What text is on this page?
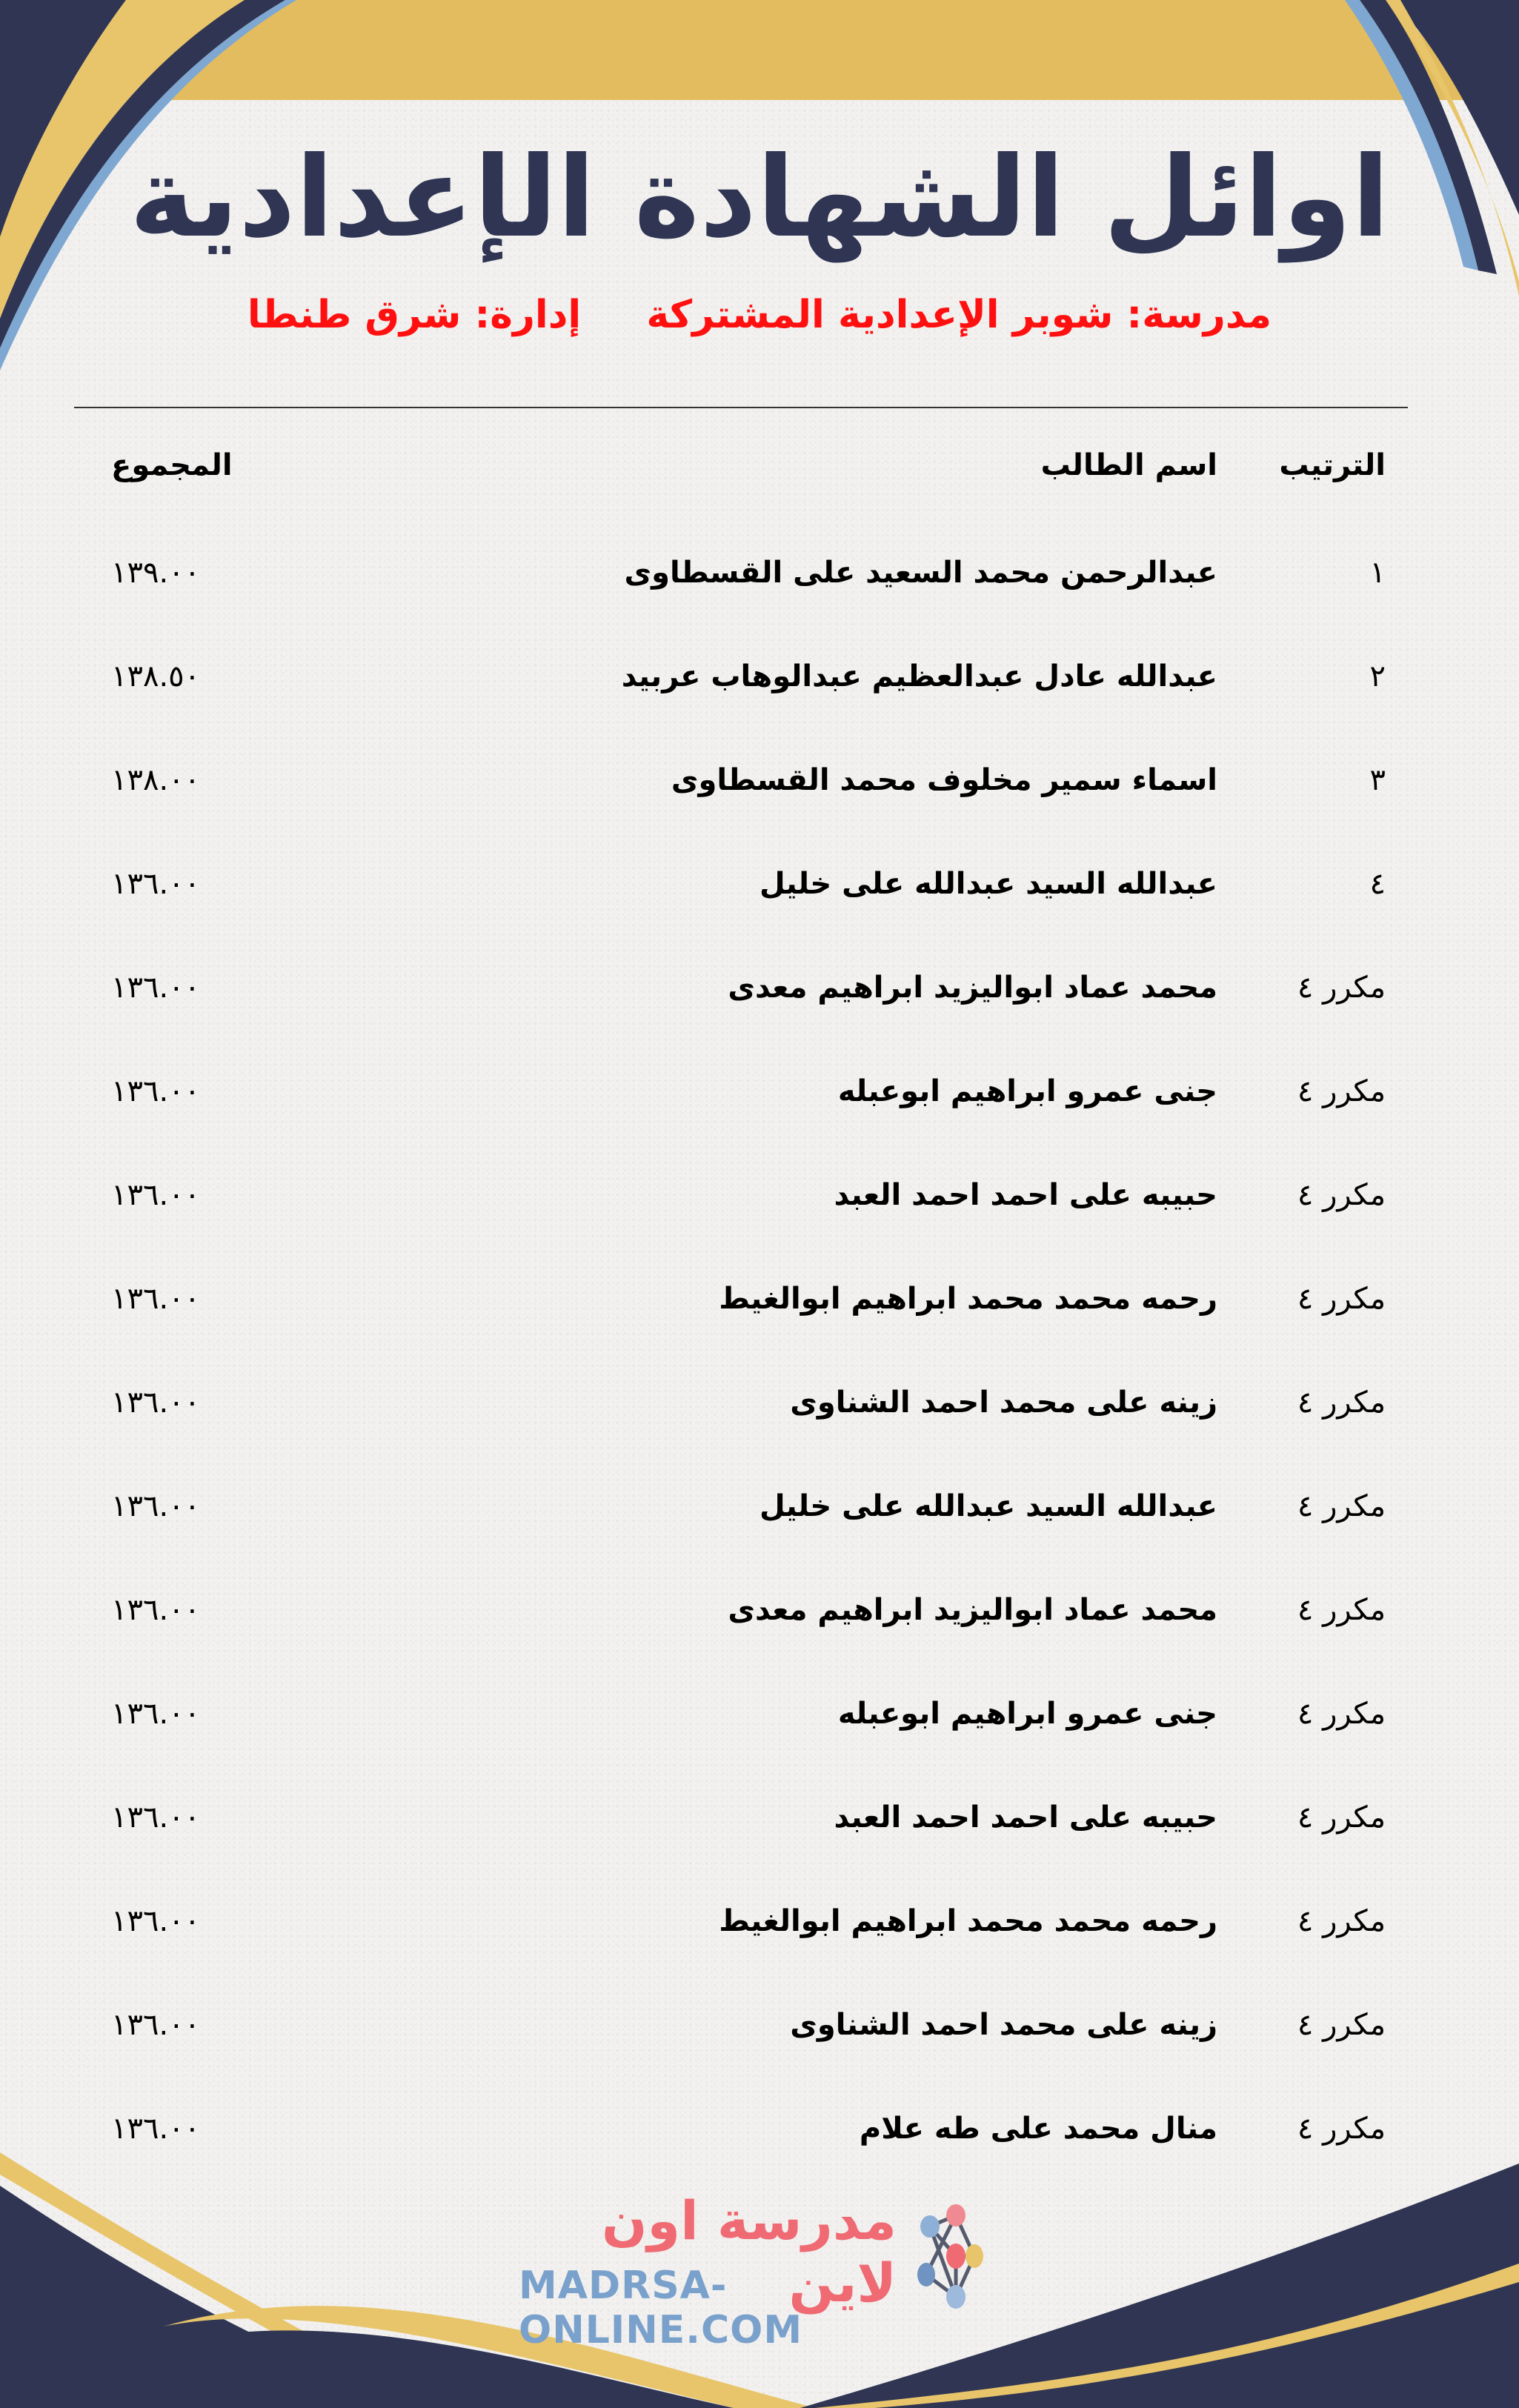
اوائل الشهادة الإعدادية
مدرسة: شوبر الإعدادية المشتركة إدارة: شرق طنطا
الترتيب
اسم الطالب
المجموع
١
عبدالرحمن محمد السعيد على القسطاوى
١٣٩.٠٠
٢
عبدالله عادل عبدالعظيم عبدالوهاب عربيد
١٣٨.٥٠
٣
اسماء سمير مخلوف محمد القسطاوى
١٣٨.٠٠
٤
عبدالله السيد عبدالله على خليل
١٣٦.٠٠
مكرر ٤
محمد عماد ابواليزيد ابراهيم معدى
١٣٦.٠٠
مكرر ٤
جنى عمرو ابراهيم ابوعبله
١٣٦.٠٠
مكرر ٤
حبيبه على احمد احمد العبد
١٣٦.٠٠
مكرر ٤
رحمه محمد محمد ابراهيم ابوالغيط
١٣٦.٠٠
مكرر ٤
زينه على محمد احمد الشناوى
١٣٦.٠٠
مكرر ٤
عبدالله السيد عبدالله على خليل
١٣٦.٠٠
مكرر ٤
محمد عماد ابواليزيد ابراهيم معدى
١٣٦.٠٠
مكرر ٤
جنى عمرو ابراهيم ابوعبله
١٣٦.٠٠
مكرر ٤
حبيبه على احمد احمد العبد
١٣٦.٠٠
مكرر ٤
رحمه محمد محمد ابراهيم ابوالغيط
١٣٦.٠٠
مكرر ٤
زينه على محمد احمد الشناوى
١٣٦.٠٠
مكرر ٤
منال محمد على طه علام
١٣٦.٠٠
مدرسة اون لاين
MADRSA-ONLINE.COM
